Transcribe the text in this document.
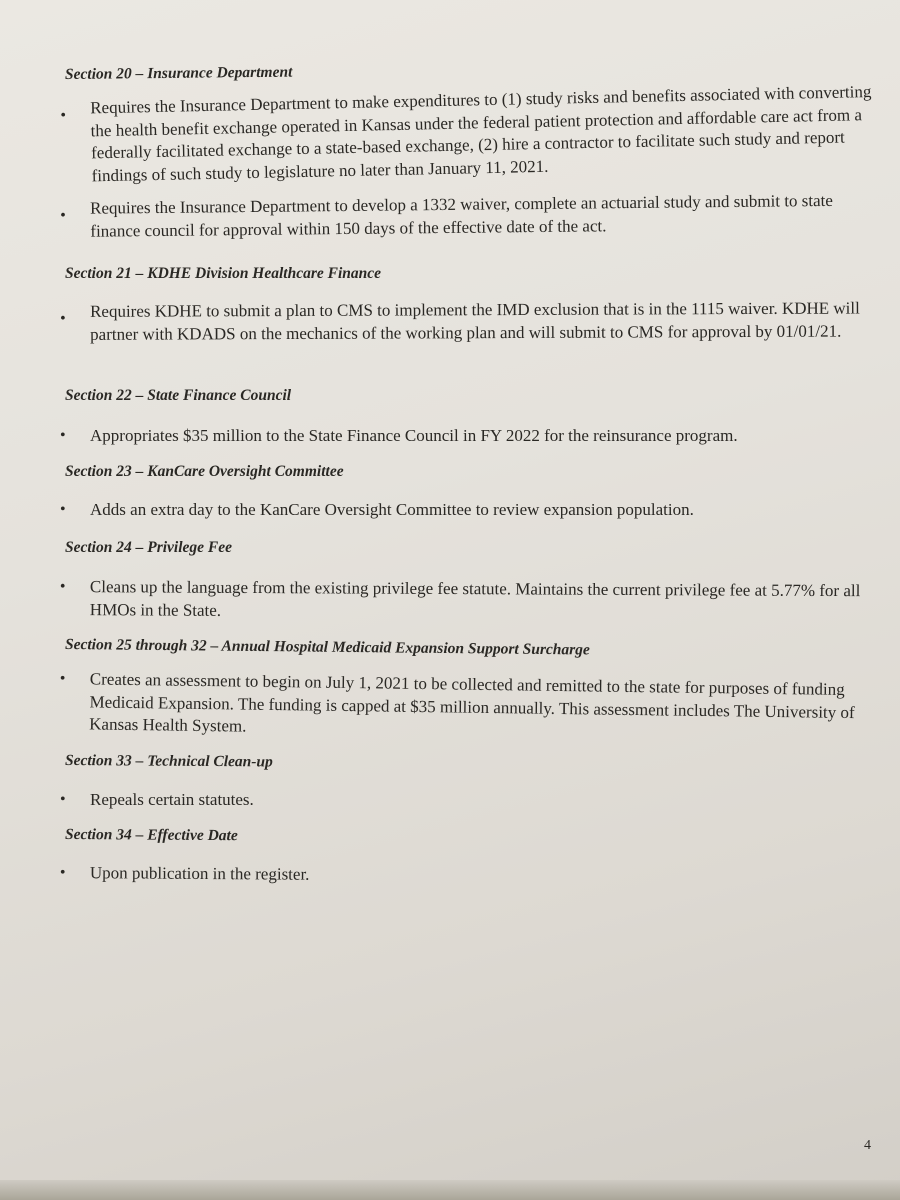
Section 20 – Insurance Department
• Requires the Insurance Department to make expenditures to (1) study risks and benefits associated with converting the health benefit exchange operated in Kansas under the federal patient protection and affordable care act from a federally facilitated exchange to a state-based exchange, (2) hire a contractor to facilitate such study and report findings of such study to legislature no later than January 11, 2021.
• Requires the Insurance Department to develop a 1332 waiver, complete an actuarial study and submit to state finance council for approval within 150 days of the effective date of the act.
Section 21 – KDHE Division Healthcare Finance
• Requires KDHE to submit a plan to CMS to implement the IMD exclusion that is in the 1115 waiver. KDHE will partner with KDADS on the mechanics of the working plan and will submit to CMS for approval by 01/01/21.
Section 22 – State Finance Council
• Appropriates $35 million to the State Finance Council in FY 2022 for the reinsurance program.
Section 23 – KanCare Oversight Committee
• Adds an extra day to the KanCare Oversight Committee to review expansion population.
Section 24 – Privilege Fee
• Cleans up the language from the existing privilege fee statute. Maintains the current privilege fee at 5.77% for all HMOs in the State.
Section 25 through 32 – Annual Hospital Medicaid Expansion Support Surcharge
• Creates an assessment to begin on July 1, 2021 to be collected and remitted to the state for purposes of funding Medicaid Expansion. The funding is capped at $35 million annually. This assessment includes The University of Kansas Health System.
Section 33 – Technical Clean-up
• Repeals certain statutes.
Section 34 – Effective Date
• Upon publication in the register.
4
